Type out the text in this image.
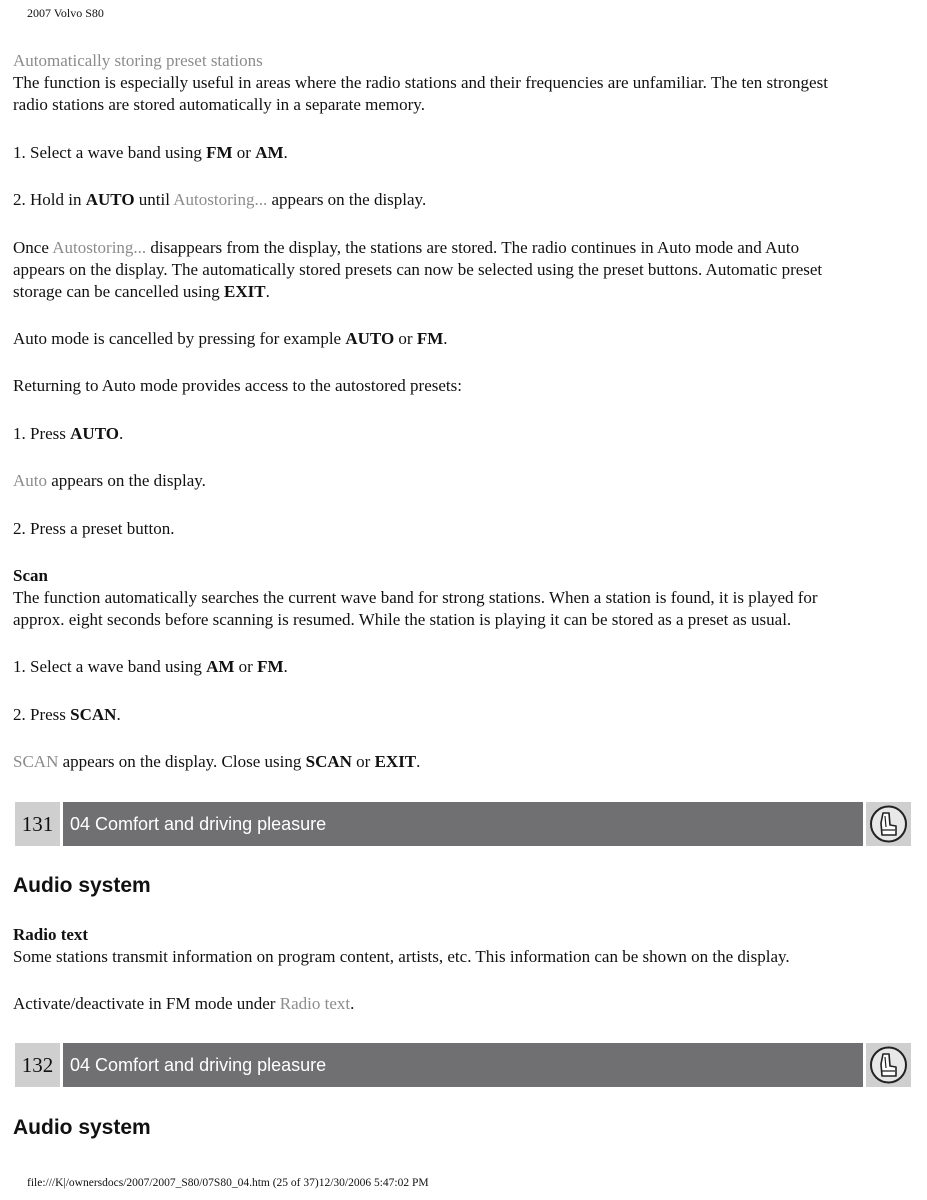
2007 Volvo S80
Automatically storing preset stations
The function is especially useful in areas where the radio stations and their frequencies are unfamiliar. The ten strongest
radio stations are stored automatically in a separate memory.
1. Select a wave band using FM or AM.
2. Hold in AUTO until Autostoring... appears on the display.
Once Autostoring... disappears from the display, the stations are stored. The radio continues in Auto mode and Auto
appears on the display. The automatically stored presets can now be selected using the preset buttons. Automatic preset
storage can be cancelled using EXIT.
Auto mode is cancelled by pressing for example AUTO or FM.
Returning to Auto mode provides access to the autostored presets:
1. Press AUTO.
Auto appears on the display.
2. Press a preset button.
Scan
The function automatically searches the current wave band for strong stations. When a station is found, it is played for
approx. eight seconds before scanning is resumed. While the station is playing it can be stored as a preset as usual.
1. Select a wave band using AM or FM.
2. Press SCAN.
SCAN appears on the display. Close using SCAN or EXIT.
131 04 Comfort and driving pleasure
Audio system
Radio text
Some stations transmit information on program content, artists, etc. This information can be shown on the display.
Activate/deactivate in FM mode under Radio text.
132 04 Comfort and driving pleasure
Audio system
file:///K|/ownersdocs/2007/2007_S80/07S80_04.htm (25 of 37)12/30/2006 5:47:02 PM
